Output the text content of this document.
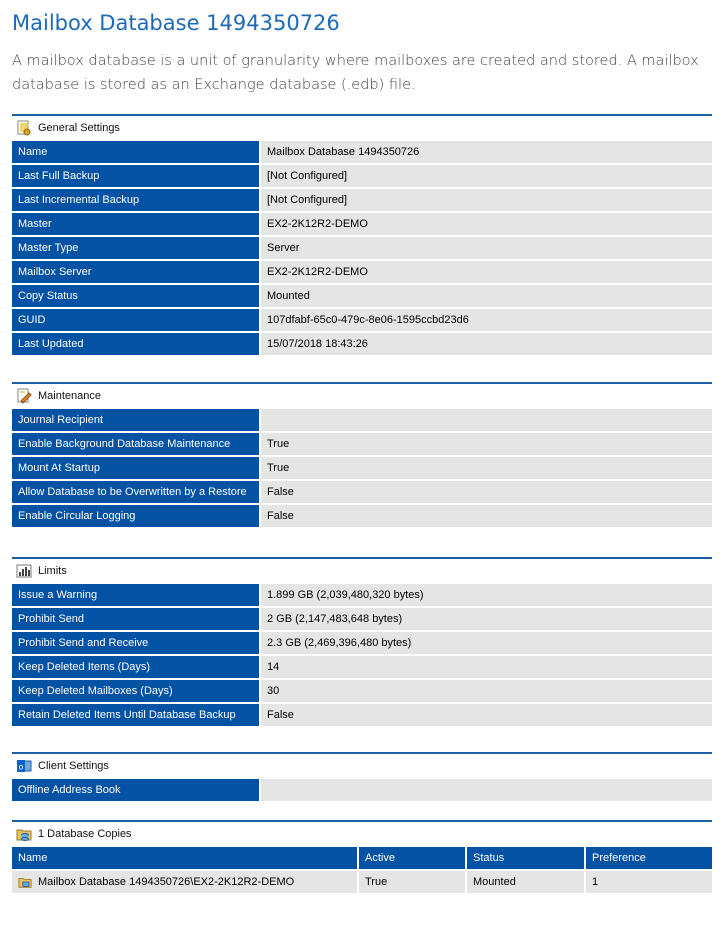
Mailbox Database 1494350726

A mailbox database is a unit of granularity where mailboxes are created and stored. A mailbox database is stored as an Exchange database (.edb) file.

General Settings
Name	Mailbox Database 1494350726
Last Full Backup	[Not Configured]
Last Incremental Backup	[Not Configured]
Master	EX2-2K12R2-DEMO
Master Type	Server
Mailbox Server	EX2-2K12R2-DEMO
Copy Status	Mounted
GUID	107dfabf-65c0-479c-8e06-1595ccbd23d6
Last Updated	15/07/2018 18:43:26
Maintenance
Journal Recipient	
Enable Background Database Maintenance	True
Mount At Startup	True
Allow Database to be Overwritten by a Restore	False
Enable Circular Logging	False
Limits
Issue a Warning	1.899 GB (2,039,480,320 bytes)
Prohibit Send	2 GB (2,147,483,648 bytes)
Prohibit Send and Receive	2.3 GB (2,469,396,480 bytes)
Keep Deleted Items (Days)	14
Keep Deleted Mailboxes (Days)	30
Retain Deleted Items Until Database Backup	False
o Client Settings
Offline Address Book	
1 Database Copies
Name	Active	Status	Preference
Mailbox Database 1494350726\EX2-2K12R2-DEMO	True	Mounted	1
